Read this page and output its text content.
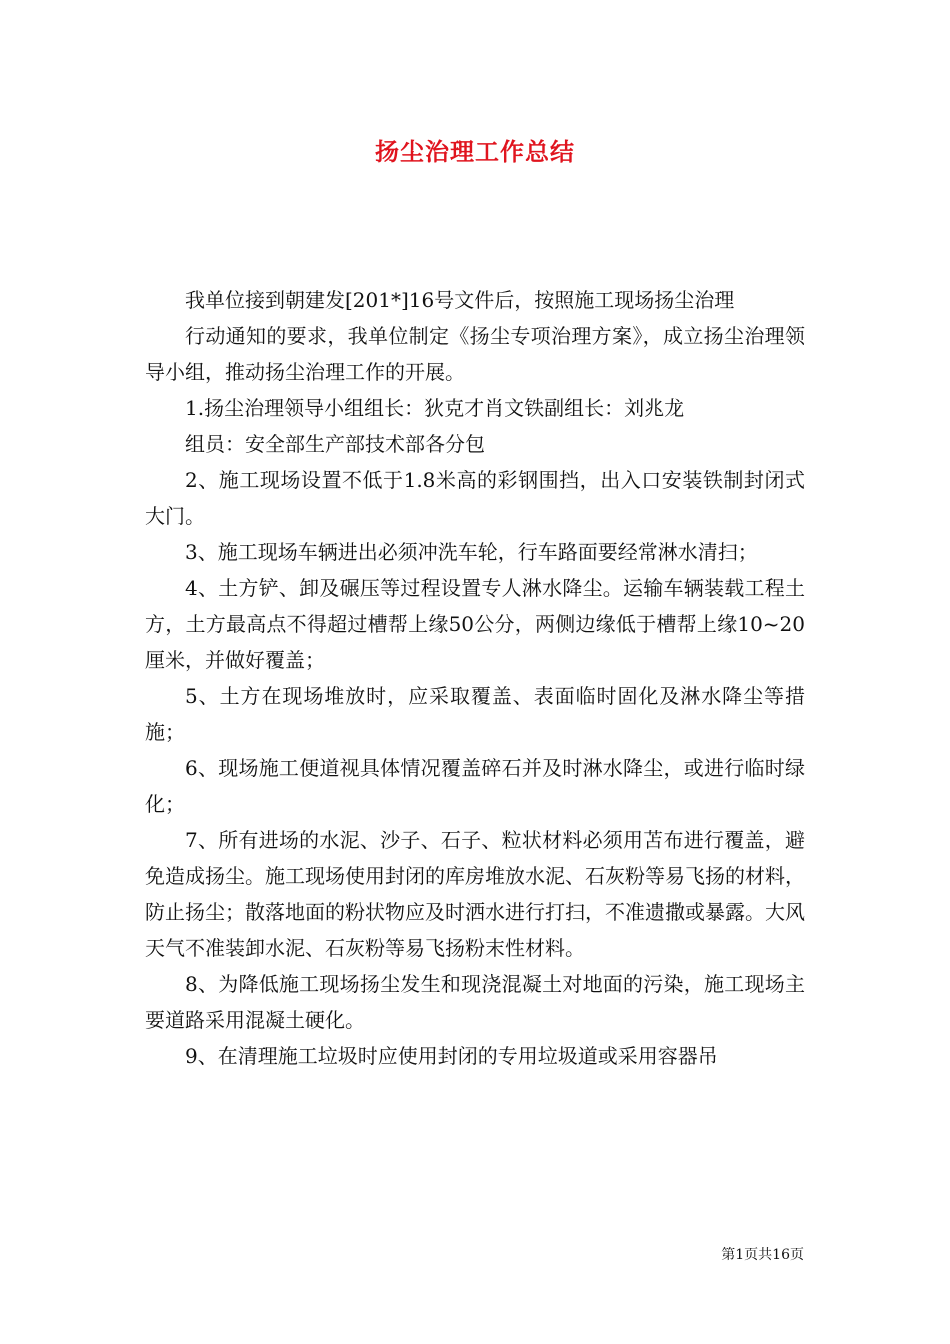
扬尘治理工作总结

我单位接到朝建发[201*]16号文件后，按照施工现场扬尘治理

行动通知的要求，我单位制定《扬尘专项治理方案》，成立扬尘治理领导小组，推动扬尘治理工作的开展。

1.扬尘治理领导小组组长：狄克才肖文铁副组长：刘兆龙

组员：安全部生产部技术部各分包

2、施工现场设置不低于1.8米高的彩钢围挡，出入口安装铁制封闭式大门。

3、施工现场车辆进出必须冲洗车轮，行车路面要经常淋水清扫；

4、土方铲、卸及碾压等过程设置专人淋水降尘。运输车辆装载工程土方，土方最高点不得超过槽帮上缘50公分，两侧边缘低于槽帮上缘10~20厘米，并做好覆盖；

5、土方在现场堆放时，应采取覆盖、表面临时固化及淋水降尘等措施；

6、现场施工便道视具体情况覆盖碎石并及时淋水降尘，或进行临时绿化；

7、所有进场的水泥、沙子、石子、粒状材料必须用苫布进行覆盖，避免造成扬尘。施工现场使用封闭的库房堆放水泥、石灰粉等易飞扬的材料，防止扬尘；散落地面的粉状物应及时洒水进行打扫，不准遗撒或暴露。大风天气不准装卸水泥、石灰粉等易飞扬粉末性材料。

8、为降低施工现场扬尘发生和现浇混凝土对地面的污染，施工现场主要道路采用混凝土硬化。

9、在清理施工垃圾时应使用封闭的专用垃圾道或采用容器吊

第1页共16页
